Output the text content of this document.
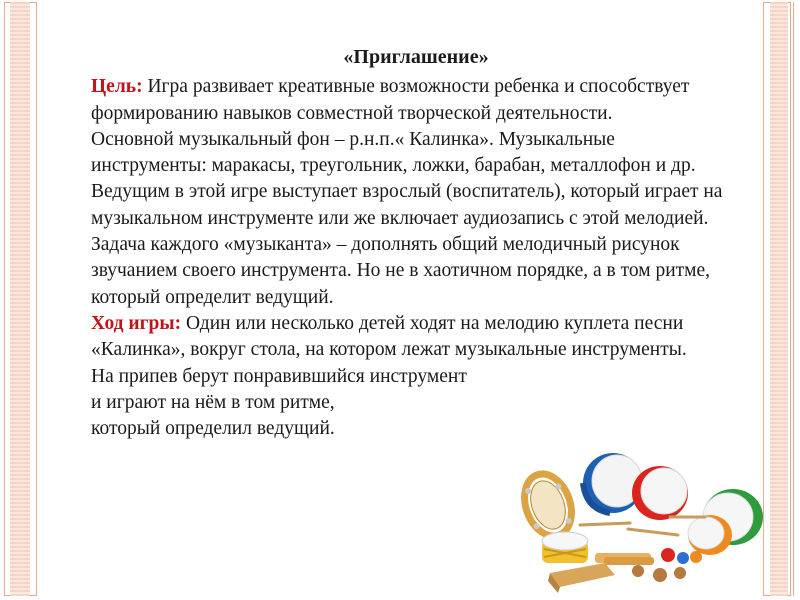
«Приглашение»

Цель: Игра развивает креативные возможности ребенка и способствует формированию навыков совместной творческой деятельности.

Основной музыкальный фон – р.н.п.« Калинка». Музыкальные инструменты: маракасы, треугольник, ложки, барабан, металлофон и др.

Ведущим в этой игре выступает взрослый (воспитатель), который играет на музыкальном инструменте или же включает аудиозапись с этой мелодией.

Задача каждого «музыканта» – дополнять общий мелодичный рисунок звучанием своего инструмента. Но не в хаотичном порядке, а в том ритме, который определит ведущий.

Ход игры: Один или несколько детей ходят на мелодию куплета песни «Калинка», вокруг стола, на котором лежат музыкальные инструменты.

На припев берут понравившийся инструмент

и играют на нём в том ритме,

который определил ведущий.
